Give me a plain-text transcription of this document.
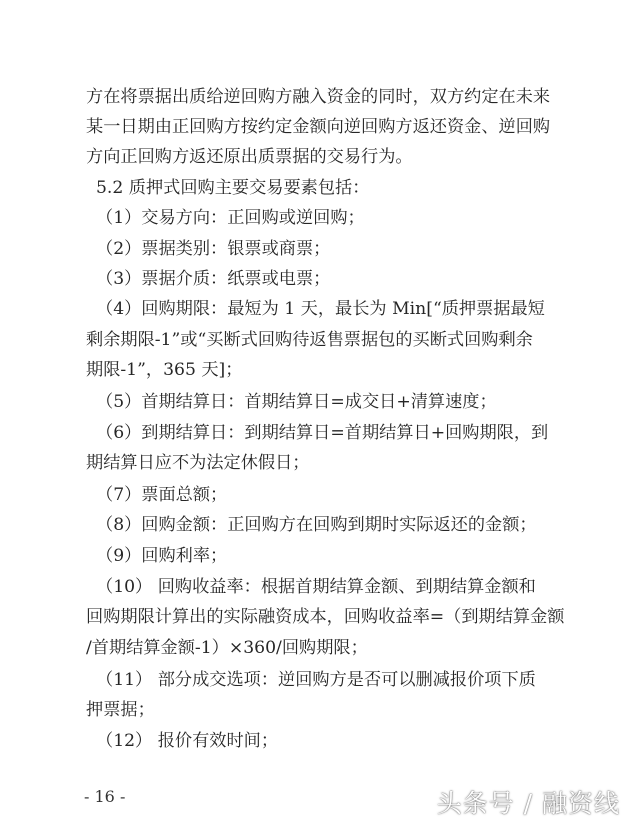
方在将票据出质给逆回购方融入资金的同时，双方约定在未来
某一日期由正回购方按约定金额向逆回购方返还资金、逆回购
方向正回购方返还原出质票据的交易行为。
5.2 质押式回购主要交易要素包括：
（1）交易方向：正回购或逆回购；
（2）票据类别：银票或商票；
（3）票据介质：纸票或电票；
（4）回购期限：最短为 1 天，最长为 Min[“质押票据最短
剩余期限-1”或“买断式回购待返售票据包的买断式回购剩余
期限-1”，365 天]；
（5）首期结算日：首期结算日=成交日+清算速度；
（6）到期结算日：到期结算日=首期结算日+回购期限，到
期结算日应不为法定休假日；
（7）票面总额；
（8）回购金额：正回购方在回购到期时实际返还的金额；
（9）回购利率；
（10） 回购收益率：根据首期结算金额、到期结算金额和
回购期限计算出的实际融资成本，回购收益率=（到期结算金额
/首期结算金额-1）×360/回购期限；
（11） 部分成交选项：逆回购方是否可以删减报价项下质
押票据；
（12） 报价有效时间；
- 16 -	头条号 / 融资线
